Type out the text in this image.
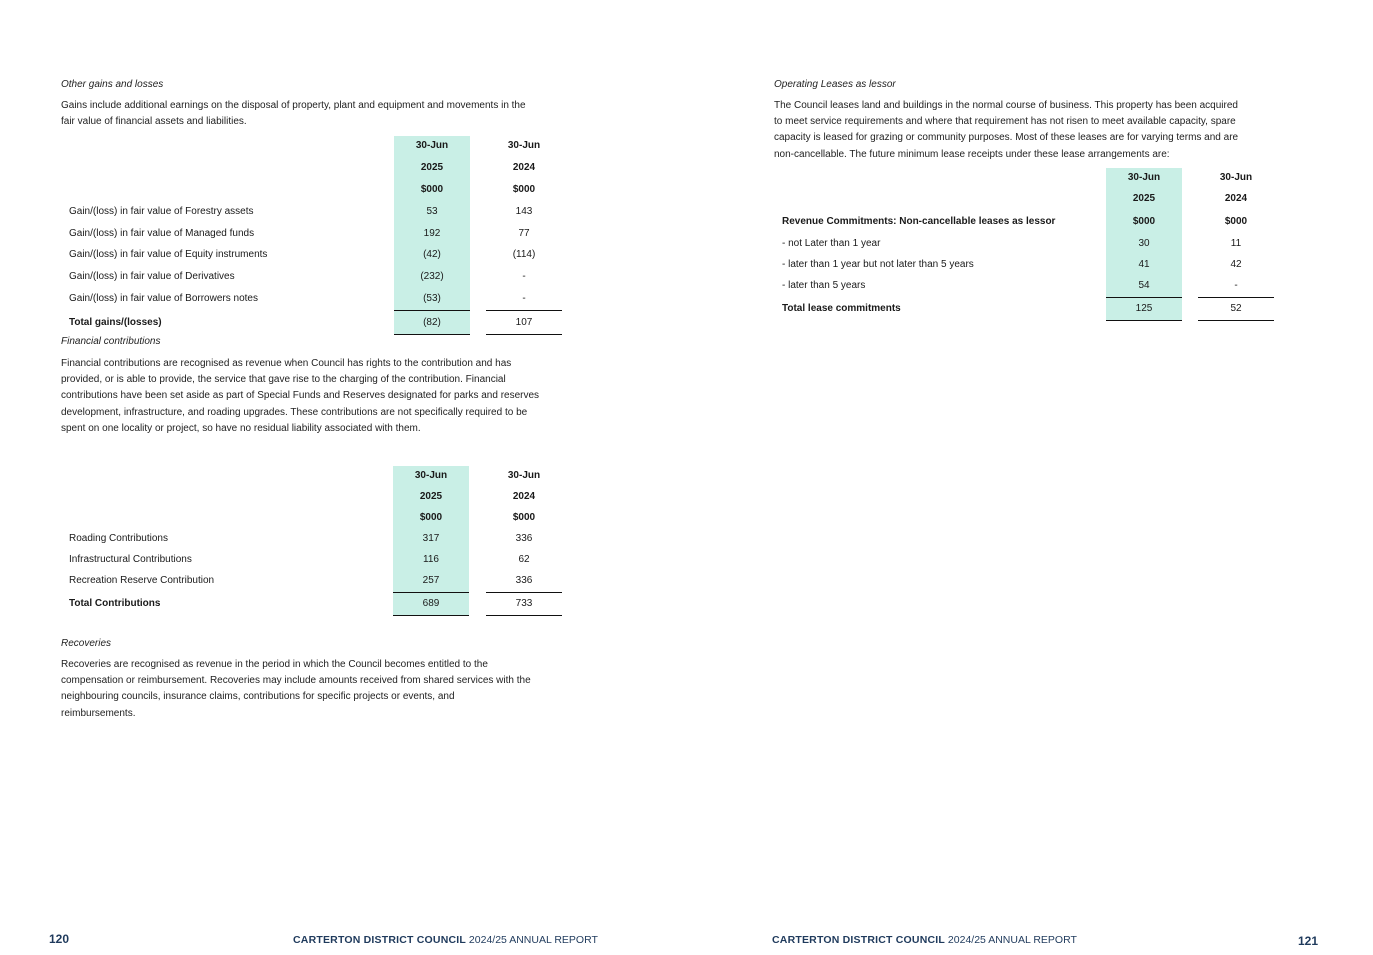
Other gains and losses
Gains include additional earnings on the disposal of property, plant and equipment and movements in the
fair value of financial assets and liabilities.
30-Jun	30-Jun
2025	2024
$000	$000
Gain/(loss) in fair value of Forestry assets	53	143
Gain/(loss) in fair value of Managed funds	192	77
Gain/(loss) in fair value of Equity instruments	(42)	(114)
Gain/(loss) in fair value of Derivatives	(232)	-
Gain/(loss) in fair value of Borrowers notes	(53)	-
Total gains/(losses)	(82)	107
Financial contributions
Financial contributions are recognised as revenue when Council has rights to the contribution and has
provided, or is able to provide, the service that gave rise to the charging of the contribution. Financial
contributions have been set aside as part of Special Funds and Reserves designated for parks and reserves
development, infrastructure, and roading upgrades. These contributions are not specifically required to be
spent on one locality or project, so have no residual liability associated with them.
30-Jun	30-Jun
2025	2024
$000	$000
Roading Contributions	317	336
Infrastructural Contributions	116	62
Recreation Reserve Contribution	257	336
Total Contributions	689	733
Recoveries
Recoveries are recognised as revenue in the period in which the Council becomes entitled to the
compensation or reimbursement. Recoveries may include amounts received from shared services with the
neighbouring councils, insurance claims, contributions for specific projects or events, and
reimbursements.
120	CARTERTON DISTRICT COUNCIL 2024/25 ANNUAL REPORT
Operating Leases as lessor
The Council leases land and buildings in the normal course of business. This property has been acquired
to meet service requirements and where that requirement has not risen to meet available capacity, spare
capacity is leased for grazing or community purposes. Most of these leases are for varying terms and are
non-cancellable. The future minimum lease receipts under these lease arrangements are:
30-Jun	30-Jun
2025	2024
Revenue Commitments: Non-cancellable leases as lessor	$000	$000
- not Later than 1 year	30	11
- later than 1 year but not later than 5 years	41	42
- later than 5 years	54	-
Total lease commitments	125	52
CARTERTON DISTRICT COUNCIL 2024/25 ANNUAL REPORT	121
